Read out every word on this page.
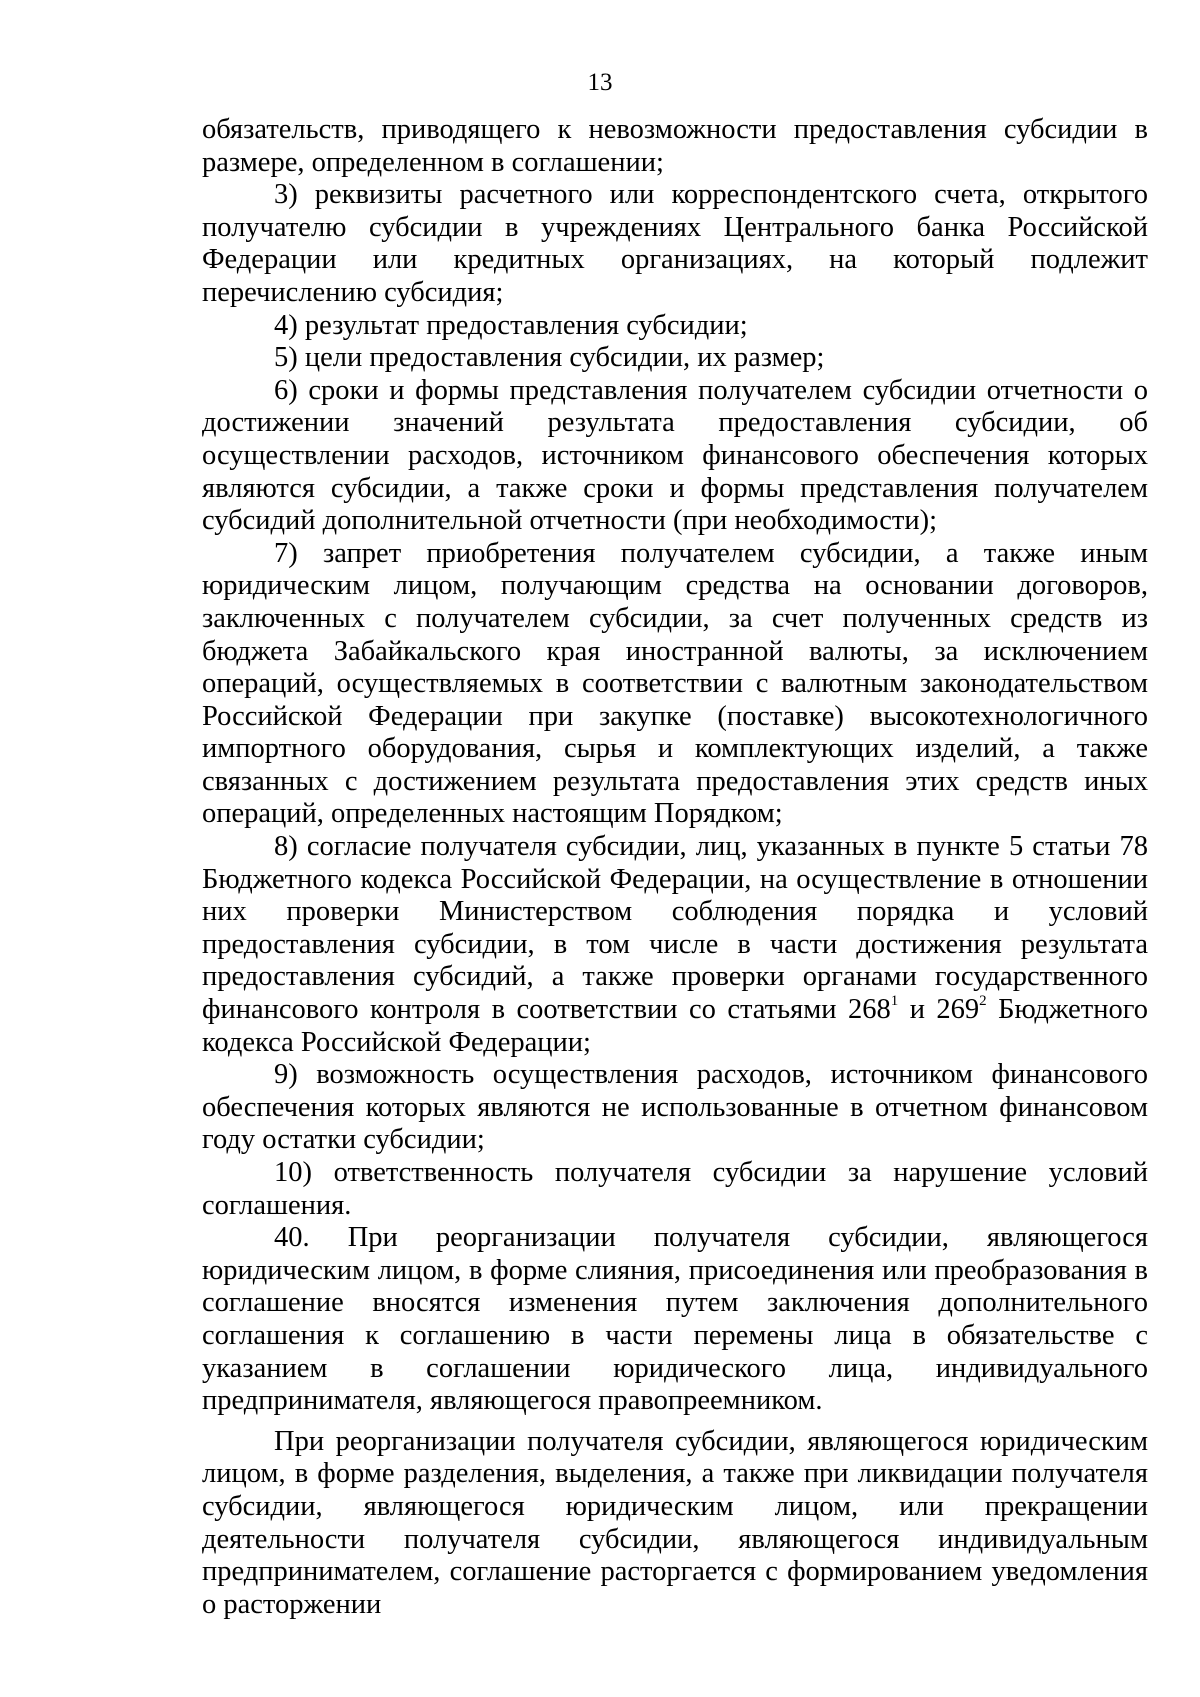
13

обязательств, приводящего к невозможности предоставления субсидии в размере, определенном в соглашении;

3) реквизиты расчетного или корреспондентского счета, открытого получателю субсидии в учреждениях Центрального банка Российской Федерации или кредитных организациях, на который подлежит перечислению субсидия;

4) результат предоставления субсидии;

5) цели предоставления субсидии, их размер;

6) сроки и формы представления получателем субсидии отчетности о достижении значений результата предоставления субсидии, об осуществлении расходов, источником финансового обеспечения которых являются субсидии, а также сроки и формы представления получателем субсидий дополнительной отчетности (при необходимости);

7) запрет приобретения получателем субсидии, а также иным юридическим лицом, получающим средства на основании договоров, заключенных с получателем субсидии, за счет полученных средств из бюджета Забайкальского края иностранной валюты, за исключением операций, осуществляемых в соответствии с валютным законодательством Российской Федерации при закупке (поставке) высокотехнологичного импортного оборудования, сырья и комплектующих изделий, а также связанных с достижением результата предоставления этих средств иных операций, определенных настоящим Порядком;

8) согласие получателя субсидии, лиц, указанных в пункте 5 статьи 78 Бюджетного кодекса Российской Федерации, на осуществление в отношении них проверки Министерством соблюдения порядка и условий предоставления субсидии, в том числе в части достижения результата предоставления субсидий, а также проверки органами государственного финансового контроля в соответствии со статьями $268^1$ и $269^2$ Бюджетного кодекса Российской Федерации;

9) возможность осуществления расходов, источником финансового обеспечения которых являются не использованные в отчетном финансовом году остатки субсидии;

10) ответственность получателя субсидии за нарушение условий соглашения.

40. При реорганизации получателя субсидии, являющегося юридическим лицом, в форме слияния, присоединения или преобразования в соглашение вносятся изменения путем заключения дополнительного соглашения к соглашению в части перемены лица в обязательстве с указанием в соглашении юридического лица, индивидуального предпринимателя, являющегося правопреемником.

При реорганизации получателя субсидии, являющегося юридическим лицом, в форме разделения, выделения, а также при ликвидации получателя субсидии, являющегося юридическим лицом, или прекращении деятельности получателя субсидии, являющегося индивидуальным предпринимателем, соглашение расторгается с формированием уведомления о расторжении
